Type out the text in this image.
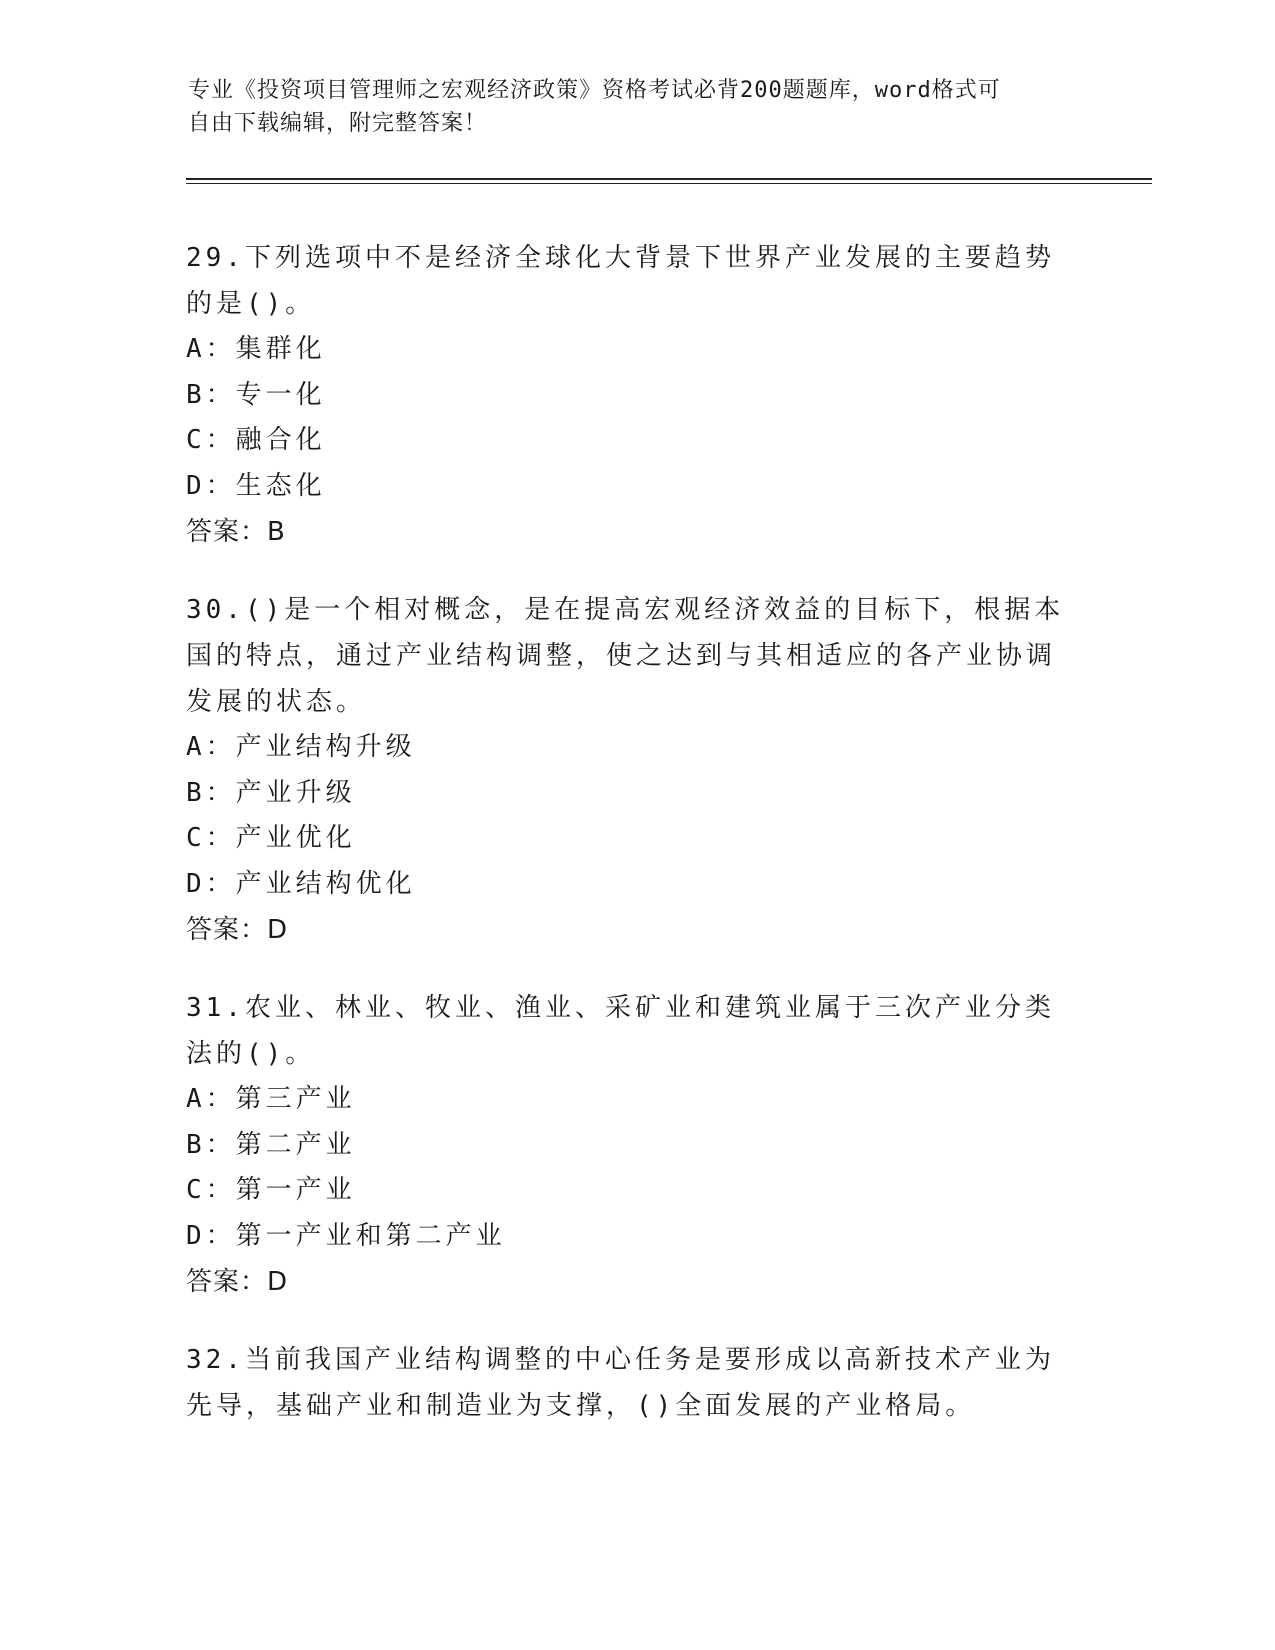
专业《投资项目管理师之宏观经济政策》资格考试必背200题题库，word格式可
自由下载编辑，附完整答案！
29.下列选项中不是经济全球化大背景下世界产业发展的主要趋势的是()。
A：集群化
B：专一化
C：融合化
D：生态化
答案：B
30.()是一个相对概念，是在提高宏观经济效益的目标下，根据本国的特点，通过产业结构调整，使之达到与其相适应的各产业协调发展的状态。
A：产业结构升级
B：产业升级
C：产业优化
D：产业结构优化
答案：D
31.农业、林业、牧业、渔业、采矿业和建筑业属于三次产业分类法的()。
A：第三产业
B：第二产业
C：第一产业
D：第一产业和第二产业
答案：D
32.当前我国产业结构调整的中心任务是要形成以高新技术产业为先导，基础产业和制造业为支撑，()全面发展的产业格局。
